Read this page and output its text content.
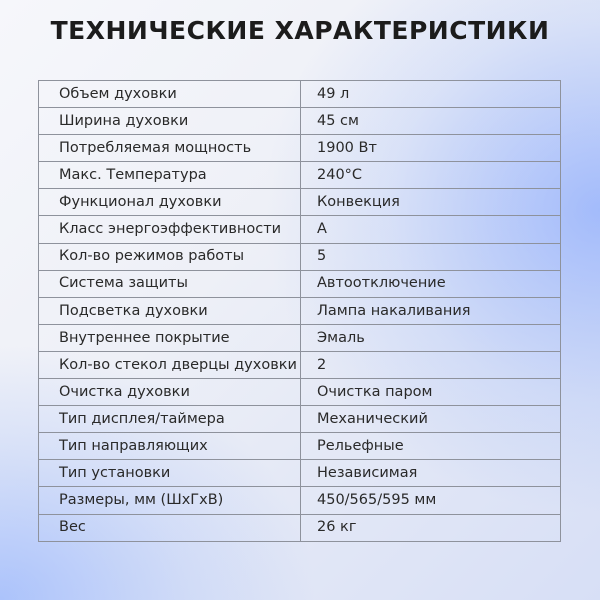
ТЕХНИЧЕСКИЕ ХАРАКТЕРИСТИКИ
Объем духовки	49 л
Ширина духовки	45 см
Потребляемая мощность	1900 Вт
Макс. Температура	240°С
Функционал духовки	Конвекция
Класс энергоэффективности	А
Кол-во режимов работы	5
Система защиты	Автоотключение
Подсветка духовки	Лампа накаливания
Внутреннее покрытие	Эмаль
Кол-во стекол дверцы духовки	2
Очистка духовки	Очистка паром
Тип дисплея/таймера	Механический
Тип направляющих	Рельефные
Тип установки	Независимая
Размеры, мм (ШхГхВ)	450/565/595 мм
Вес	26 кг
